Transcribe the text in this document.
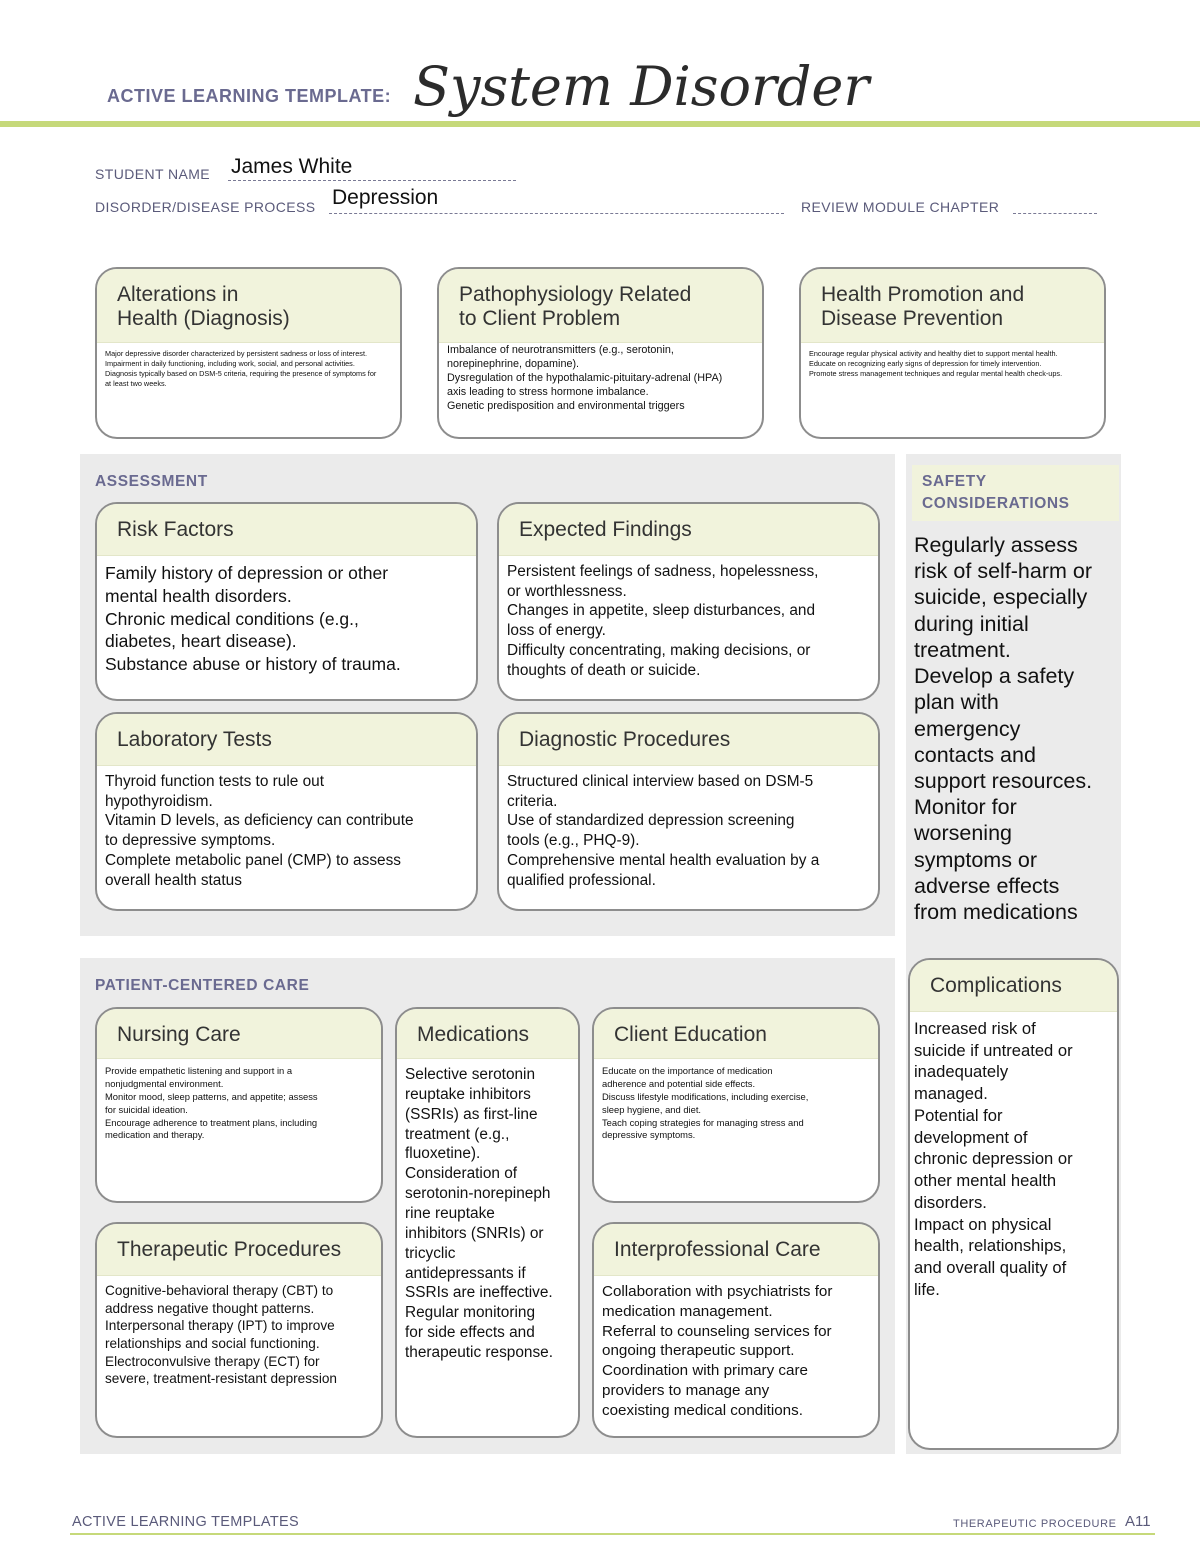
ACTIVE LEARNING TEMPLATE: System Disorder
STUDENT NAME James White
DISORDER/DISEASE PROCESS Depression	REVIEW MODULE CHAPTER
Alterations in
Health (Diagnosis)
Major depressive disorder characterized by persistent sadness or loss of interest.
Impairment in daily functioning, including work, social, and personal activities.
Diagnosis typically based on DSM-5 criteria, requiring the presence of symptoms for
at least two weeks.
Pathophysiology Related
to Client Problem
Imbalance of neurotransmitters (e.g., serotonin,
norepinephrine, dopamine).
Dysregulation of the hypothalamic-pituitary-adrenal (HPA)
axis leading to stress hormone imbalance.
Genetic predisposition and environmental triggers
Health Promotion and
Disease Prevention
Encourage regular physical activity and healthy diet to support mental health.
Educate on recognizing early signs of depression for timely intervention.
Promote stress management techniques and regular mental health check-ups.
ASSESSMENT
Risk Factors
Family history of depression or other
mental health disorders.
Chronic medical conditions (e.g.,
diabetes, heart disease).
Substance abuse or history of trauma.
Expected Findings
Persistent feelings of sadness, hopelessness,
or worthlessness.
Changes in appetite, sleep disturbances, and
loss of energy.
Difficulty concentrating, making decisions, or
thoughts of death or suicide.
Laboratory Tests
Thyroid function tests to rule out
hypothyroidism.
Vitamin D levels, as deficiency can contribute
to depressive symptoms.
Complete metabolic panel (CMP) to assess
overall health status
Diagnostic Procedures
Structured clinical interview based on DSM-5
criteria.
Use of standardized depression screening
tools (e.g., PHQ-9).
Comprehensive mental health evaluation by a
qualified professional.
SAFETY
CONSIDERATIONS
Regularly assess
risk of self-harm or
suicide, especially
during initial
treatment.
Develop a safety
plan with
emergency
contacts and
support resources.
Monitor for
worsening
symptoms or
adverse effects
from medications
PATIENT-CENTERED CARE
Nursing Care
Provide empathetic listening and support in a
nonjudgmental environment.
Monitor mood, sleep patterns, and appetite; assess
for suicidal ideation.
Encourage adherence to treatment plans, including
medication and therapy.
Medications
Selective serotonin
reuptake inhibitors
(SSRIs) as first-line
treatment (e.g.,
fluoxetine).
Consideration of
serotonin-norepineph
rine reuptake
inhibitors (SNRIs) or
tricyclic
antidepressants if
SSRIs are ineffective.
Regular monitoring
for side effects and
therapeutic response.
Client Education
Educate on the importance of medication
adherence and potential side effects.
Discuss lifestyle modifications, including exercise,
sleep hygiene, and diet.
Teach coping strategies for managing stress and
depressive symptoms.
Therapeutic Procedures
Cognitive-behavioral therapy (CBT) to
address negative thought patterns.
Interpersonal therapy (IPT) to improve
relationships and social functioning.
Electroconvulsive therapy (ECT) for
severe, treatment-resistant depression
Interprofessional Care
Collaboration with psychiatrists for
medication management.
Referral to counseling services for
ongoing therapeutic support.
Coordination with primary care
providers to manage any
coexisting medical conditions.
Complications
Increased risk of
suicide if untreated or
inadequately
managed.
Potential for
development of
chronic depression or
other mental health
disorders.
Impact on physical
health, relationships,
and overall quality of
life.
ACTIVE LEARNING TEMPLATES	THERAPEUTIC PROCEDURE A11
